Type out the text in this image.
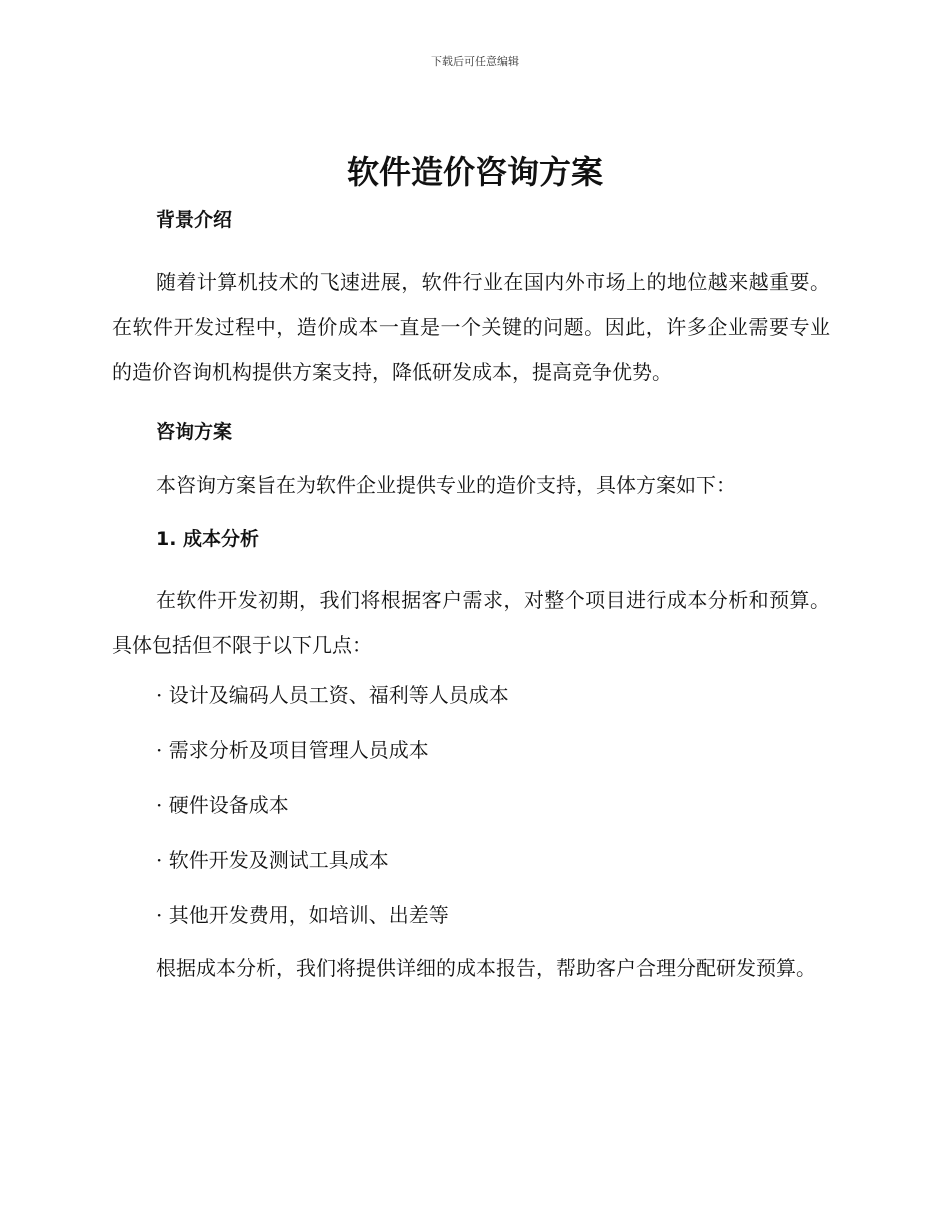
下载后可任意编辑
软件造价咨询方案
背景介绍

随着计算机技术的飞速进展，软件行业在国内外市场上的地位越来越重要。在软件开发过程中，造价成本一直是一个关键的问题。因此，许多企业需要专业的造价咨询机构提供方案支持，降低研发成本，提高竞争优势。

咨询方案

本咨询方案旨在为软件企业提供专业的造价支持，具体方案如下：

1. 成本分析

在软件开发初期，我们将根据客户需求，对整个项目进行成本分析和预算。具体包括但不限于以下几点：

· 设计及编码人员工资、福利等人员成本

· 需求分析及项目管理人员成本

· 硬件设备成本

· 软件开发及测试工具成本

· 其他开发费用，如培训、出差等

根据成本分析，我们将提供详细的成本报告，帮助客户合理分配研发预算。
